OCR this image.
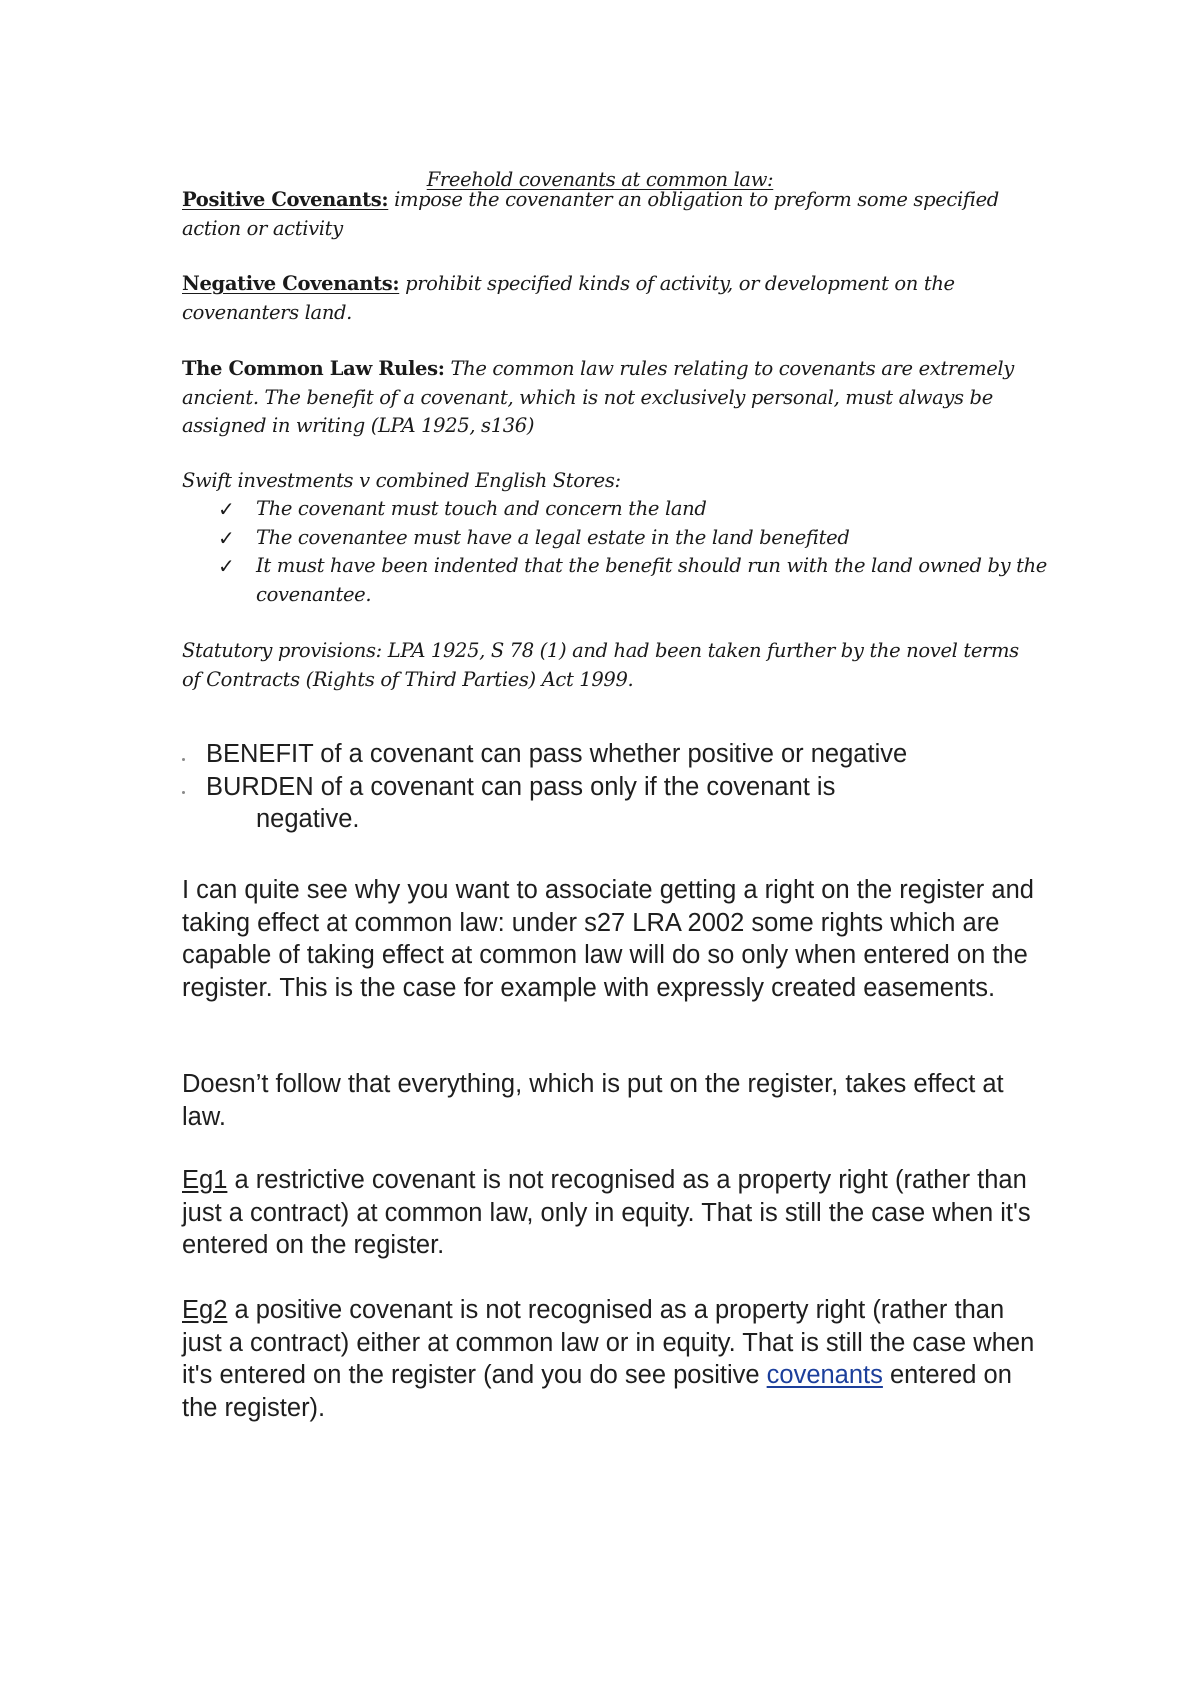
Freehold covenants at common law:

Positive Covenants: impose the covenanter an obligation to preform some specified action or activity

Negative Covenants: prohibit specified kinds of activity, or development on the covenanters land.

The Common Law Rules: The common law rules relating to covenants are extremely ancient. The benefit of a covenant, which is not exclusively personal, must always be assigned in writing (LPA 1925, s136)

Swift investments v combined English Stores:

✓ The covenant must touch and concern the land
✓ The covenantee must have a legal estate in the land benefited
✓ It must have been indented that the benefit should run with the land owned by the covenantee.

Statutory provisions: LPA 1925, S 78 (1) and had been taken further by the novel terms of Contracts (Rights of Third Parties) Act 1999.

BENEFIT of a covenant can pass whether positive or negative
BURDEN of a covenant can pass only if the covenant is
negative.

I can quite see why you want to associate getting a right on the register and taking effect at common law: under s27 LRA 2002 some rights which are capable of taking effect at common law will do so only when entered on the register. This is the case for example with expressly created easements.

Doesn’t follow that everything, which is put on the register, takes effect at law.

Eg1 a restrictive covenant is not recognised as a property right (rather than just a contract) at common law, only in equity. That is still the case when it's entered on the register.

Eg2 a positive covenant is not recognised as a property right (rather than just a contract) either at common law or in equity. That is still the case when it's entered on the register (and you do see positive covenants entered on the register).
